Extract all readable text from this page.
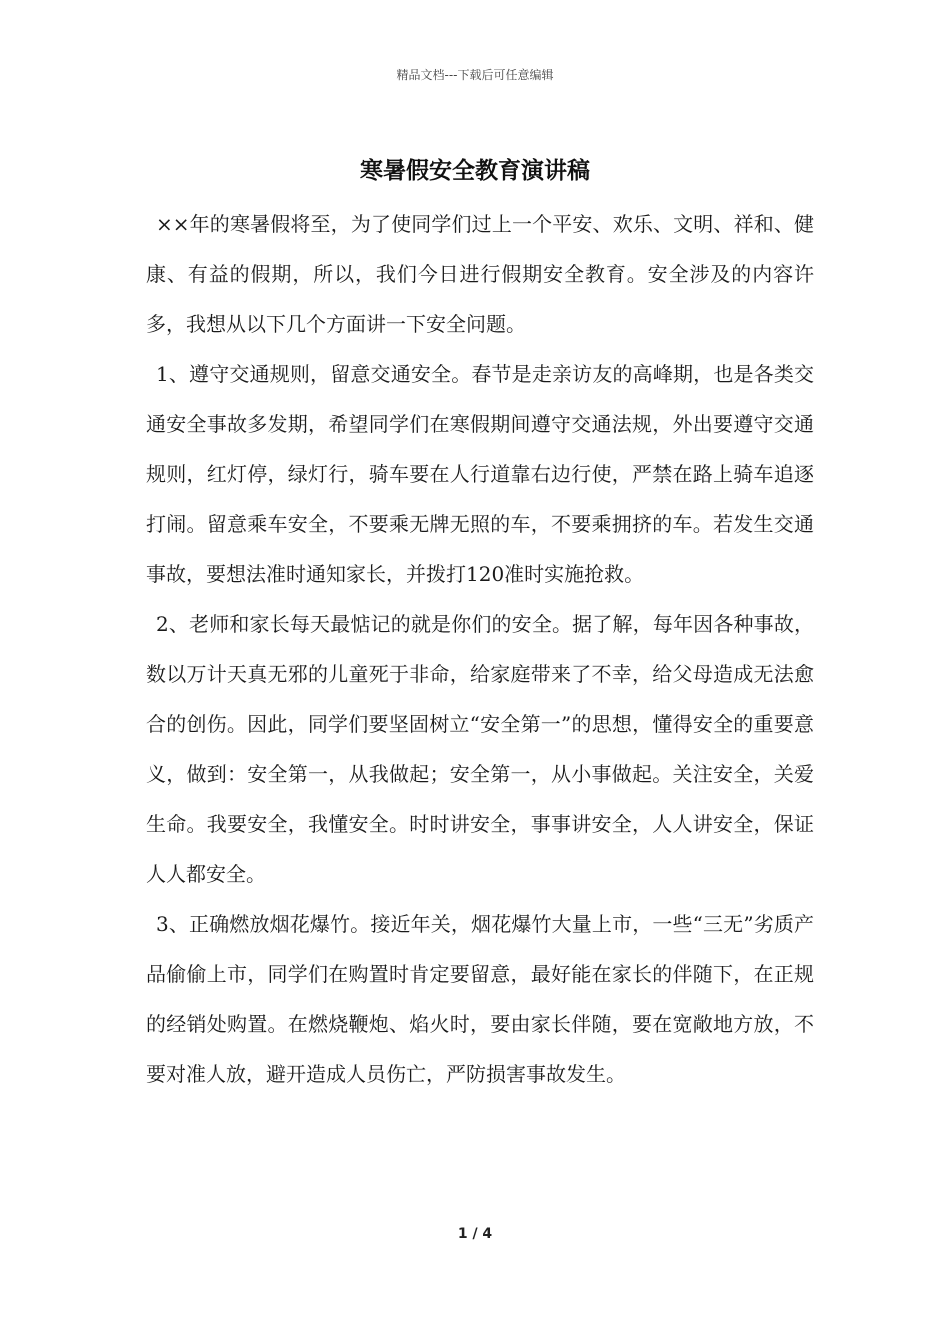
精品文档---下载后可任意编辑
寒暑假安全教育演讲稿

××年的寒暑假将至，为了使同学们过上一个平安、欢乐、文明、祥和、健康、有益的假期，所以，我们今日进行假期安全教育。安全涉及的内容许多，我想从以下几个方面讲一下安全问题。

1、遵守交通规则，留意交通安全。春节是走亲访友的高峰期，也是各类交通安全事故多发期，希望同学们在寒假期间遵守交通法规，外出要遵守交通规则，红灯停，绿灯行，骑车要在人行道靠右边行使，严禁在路上骑车追逐打闹。留意乘车安全，不要乘无牌无照的车，不要乘拥挤的车。若发生交通事故，要想法准时通知家长，并拨打120准时实施抢救。

2、老师和家长每天最惦记的就是你们的安全。据了解，每年因各种事故，数以万计天真无邪的儿童死于非命，给家庭带来了不幸，给父母造成无法愈合的创伤。因此，同学们要坚固树立“安全第一”的思想，懂得安全的重要意义，做到：安全第一，从我做起；安全第一，从小事做起。关注安全，关爱生命。我要安全，我懂安全。时时讲安全，事事讲安全，人人讲安全，保证人人都安全。

3、正确燃放烟花爆竹。接近年关，烟花爆竹大量上市，一些“三无”劣质产品偷偷上市，同学们在购置时肯定要留意，最好能在家长的伴随下，在正规的经销处购置。在燃烧鞭炮、焰火时，要由家长伴随，要在宽敞地方放，不要对准人放，避开造成人员伤亡，严防损害事故发生。

1 / 4
